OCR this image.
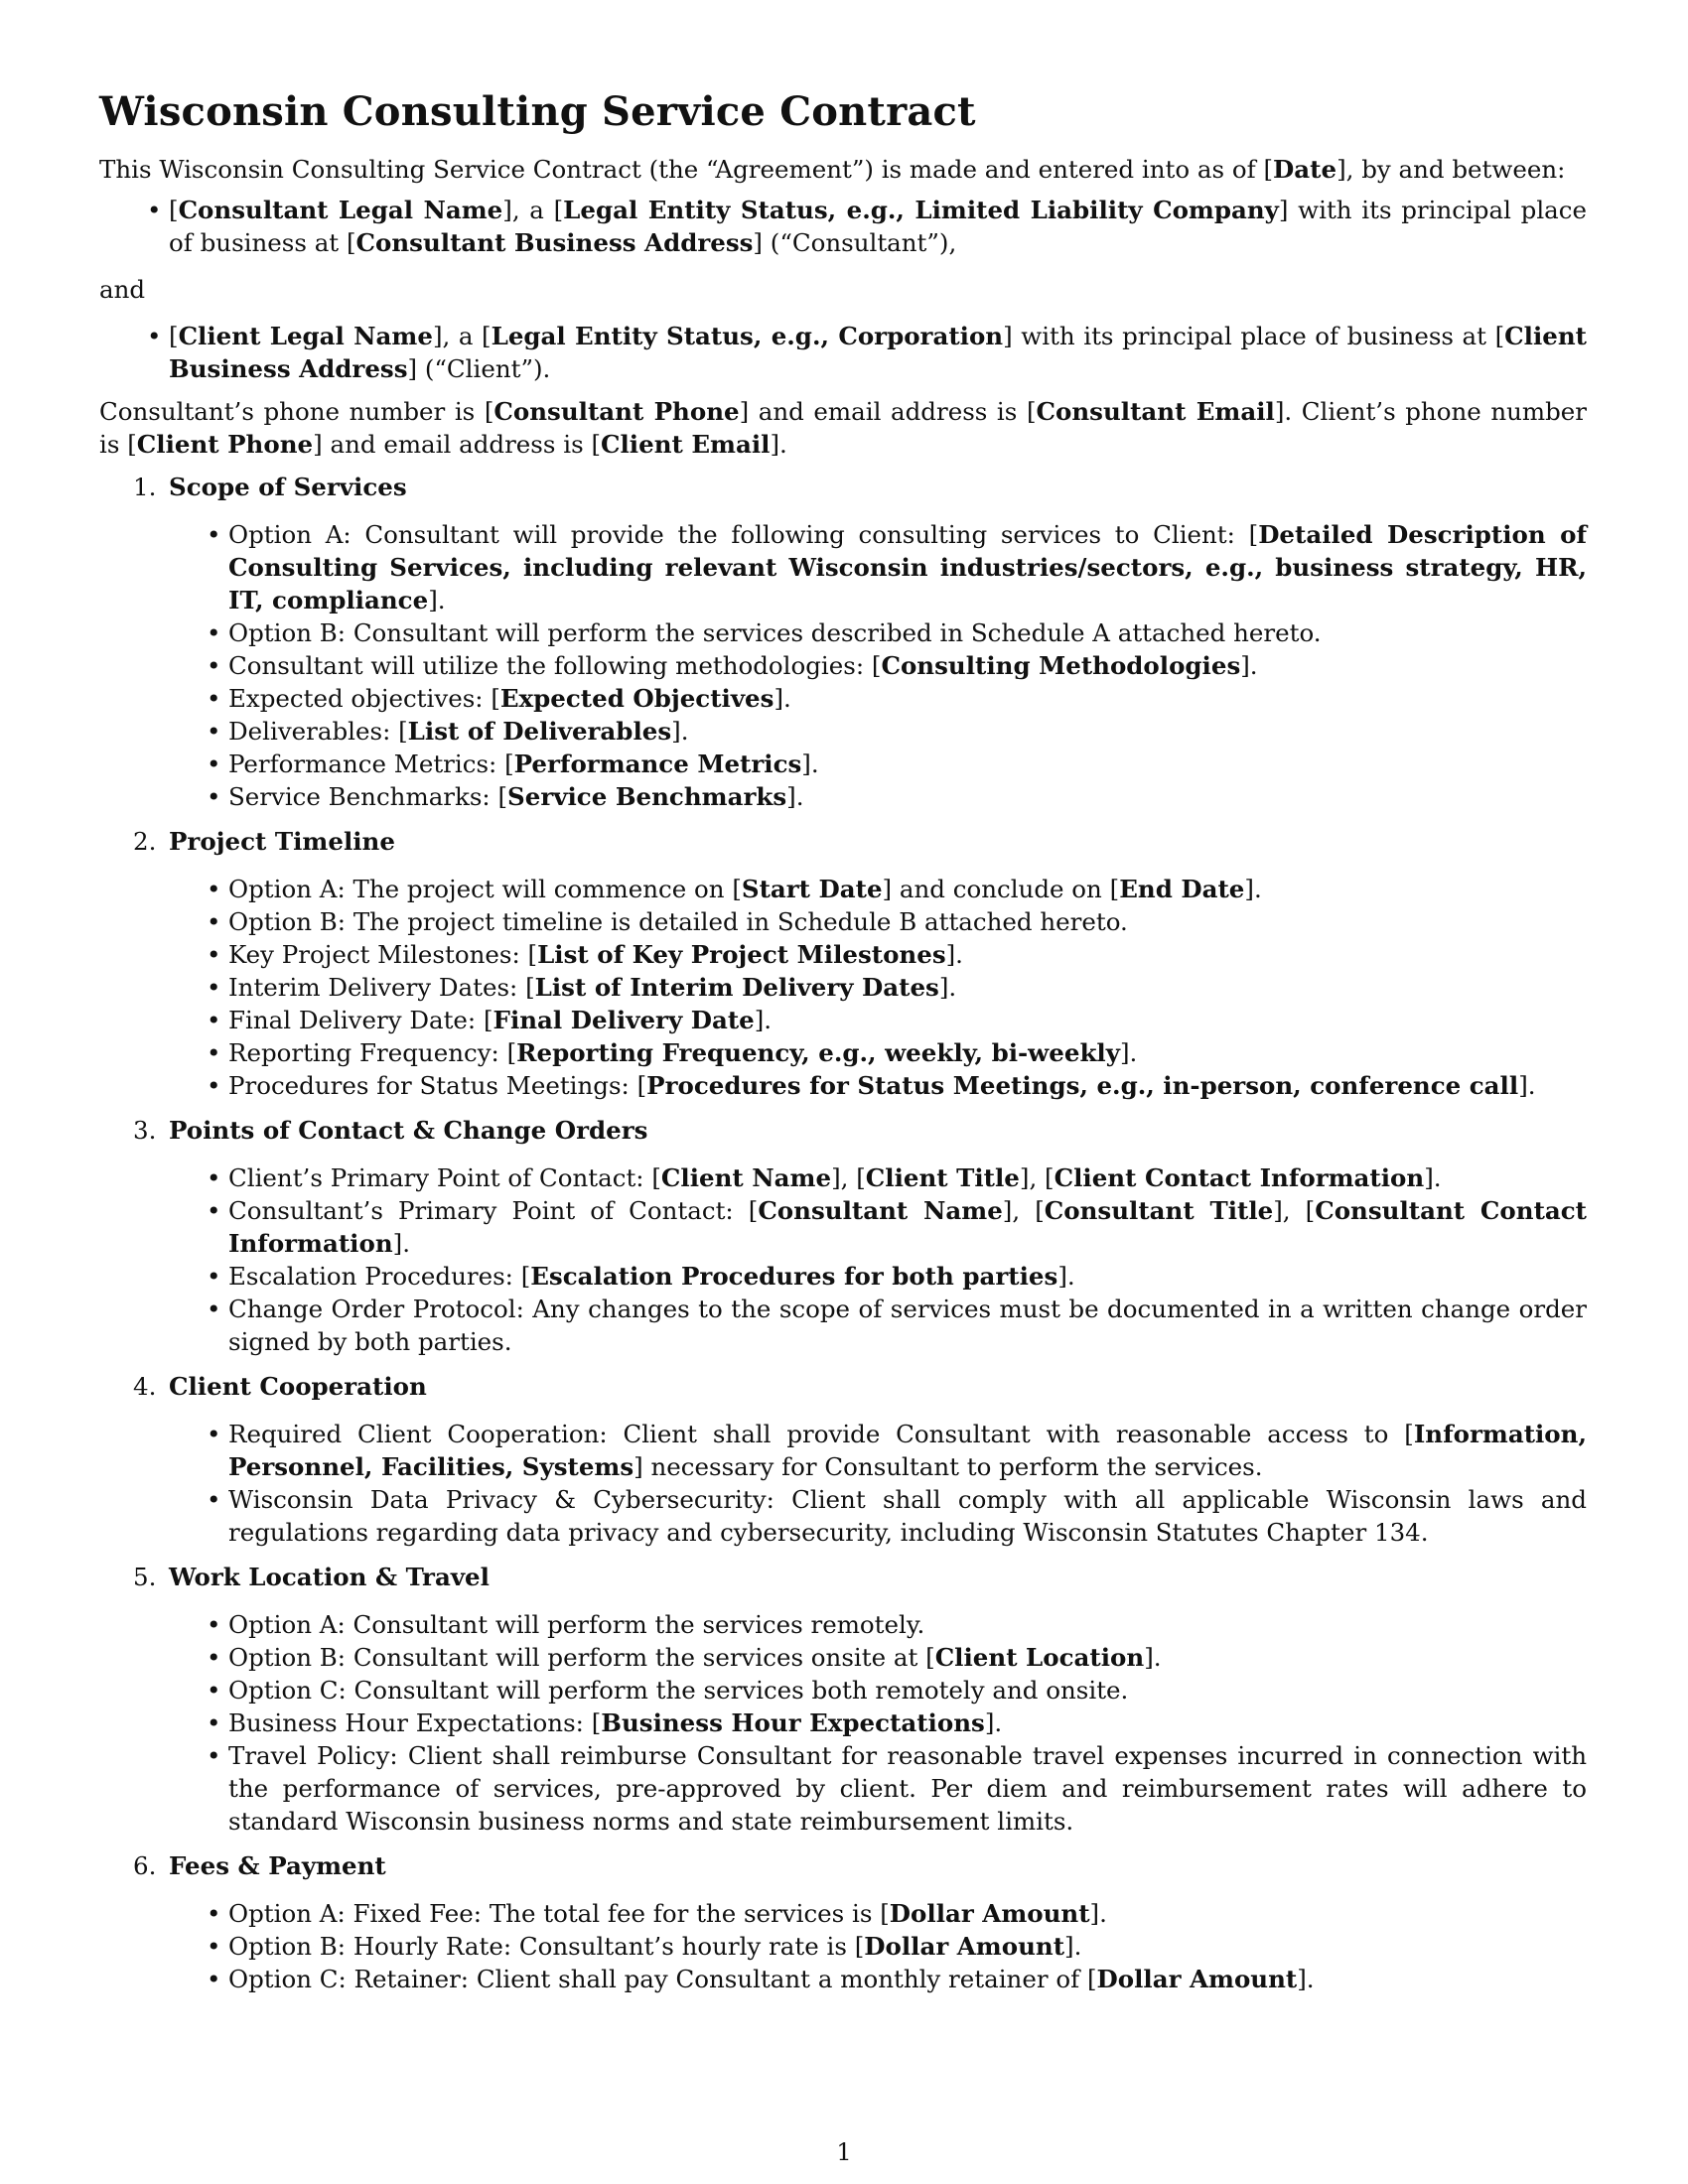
Wisconsin Consulting Service Contract

This Wisconsin Consulting Service Contract (the “Agreement”) is made and entered into as of [Date], by and between:

• [Consultant Legal Name], a [Legal Entity Status, e.g., Limited Liability Company] with its principal place of business at [Consultant Business Address] (“Consultant”),

and

• [Client Legal Name], a [Legal Entity Status, e.g., Corporation] with its principal place of business at [Client Business Address] (“Client”).

Consultant’s phone number is [Consultant Phone] and email address is [Consultant Email]. Client’s phone number is [Client Phone] and email address is [Client Email].

1. Scope of Services
• Option A: Consultant will provide the following consulting services to Client: [Detailed Description of Consulting Services, including relevant Wisconsin industries/sectors, e.g., business strategy, HR, IT, compliance].
• Option B: Consultant will perform the services described in Schedule A attached hereto.
• Consultant will utilize the following methodologies: [Consulting Methodologies].
• Expected objectives: [Expected Objectives].
• Deliverables: [List of Deliverables].
• Performance Metrics: [Performance Metrics].
• Service Benchmarks: [Service Benchmarks].
2. Project Timeline
• Option A: The project will commence on [Start Date] and conclude on [End Date].
• Option B: The project timeline is detailed in Schedule B attached hereto.
• Key Project Milestones: [List of Key Project Milestones].
• Interim Delivery Dates: [List of Interim Delivery Dates].
• Final Delivery Date: [Final Delivery Date].
• Reporting Frequency: [Reporting Frequency, e.g., weekly, bi-weekly].
• Procedures for Status Meetings: [Procedures for Status Meetings, e.g., in-person, conference call].
3. Points of Contact & Change Orders
• Client’s Primary Point of Contact: [Client Name], [Client Title], [Client Contact Information].
• Consultant’s Primary Point of Contact: [Consultant Name], [Consultant Title], [Consultant Contact Information].
• Escalation Procedures: [Escalation Procedures for both parties].
• Change Order Protocol: Any changes to the scope of services must be documented in a written change order signed by both parties.
4. Client Cooperation
• Required Client Cooperation: Client shall provide Consultant with reasonable access to [Information, Personnel, Facilities, Systems] necessary for Consultant to perform the services.
• Wisconsin Data Privacy & Cybersecurity: Client shall comply with all applicable Wisconsin laws and regulations regarding data privacy and cybersecurity, including Wisconsin Statutes Chapter 134.
5. Work Location & Travel
• Option A: Consultant will perform the services remotely.
• Option B: Consultant will perform the services onsite at [Client Location].
• Option C: Consultant will perform the services both remotely and onsite.
• Business Hour Expectations: [Business Hour Expectations].
• Travel Policy: Client shall reimburse Consultant for reasonable travel expenses incurred in connection with the performance of services, pre-approved by client. Per diem and reimbursement rates will adhere to standard Wisconsin business norms and state reimbursement limits.
6. Fees & Payment
• Option A: Fixed Fee: The total fee for the services is [Dollar Amount].
• Option B: Hourly Rate: Consultant’s hourly rate is [Dollar Amount].
• Option C: Retainer: Client shall pay Consultant a monthly retainer of [Dollar Amount].
1
